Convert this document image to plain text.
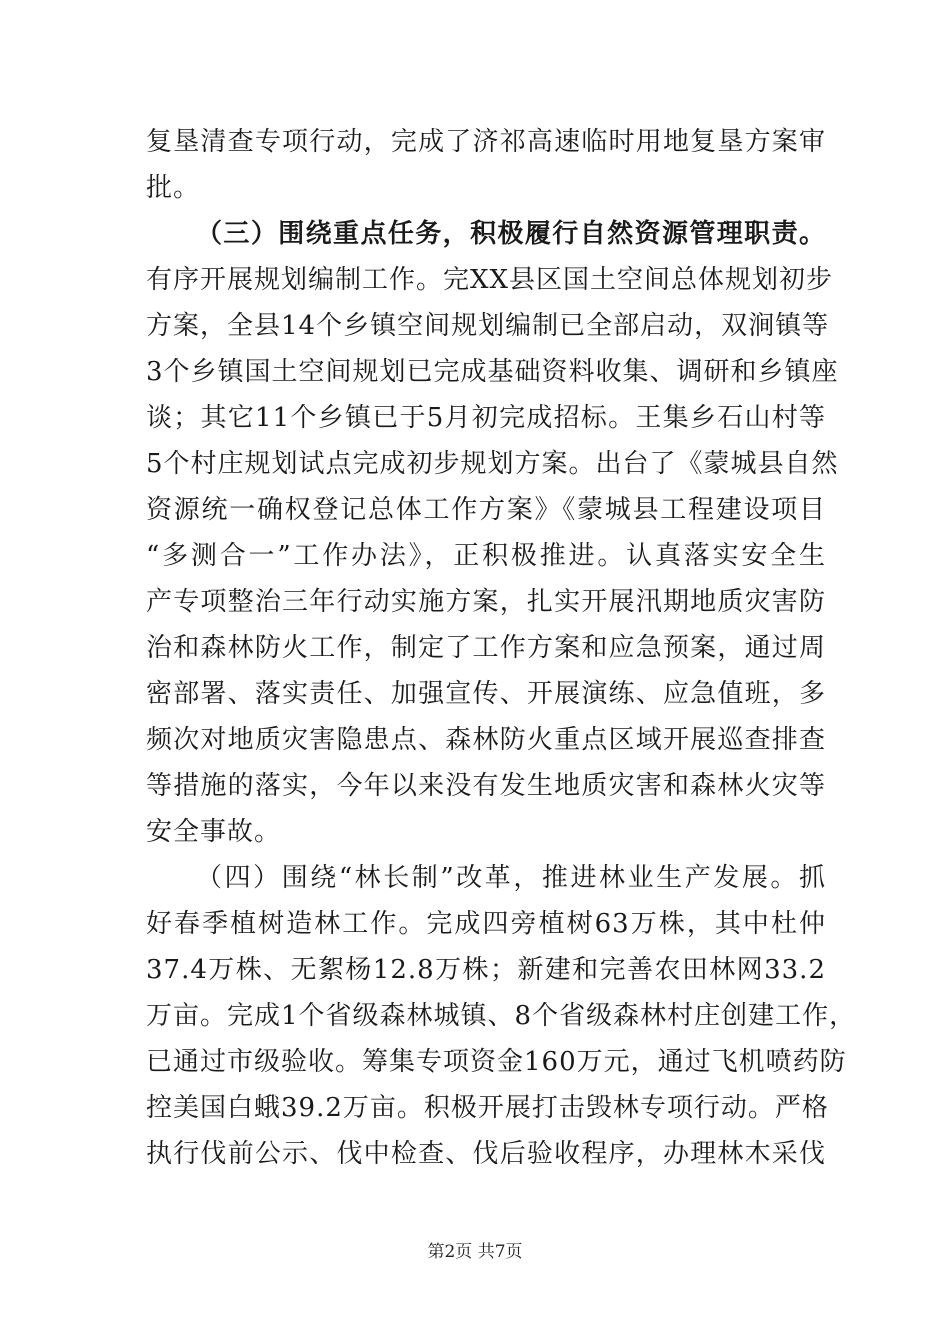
复垦清查专项行动，完成了济祁高速临时用地复垦方案审
批。
（三）围绕重点任务，积极履行自然资源管理职责。
有序开展规划编制工作。完XX县区国土空间总体规划初步
方案，全县14个乡镇空间规划编制已全部启动，双涧镇等
3个乡镇国土空间规划已完成基础资料收集、调研和乡镇座
谈；其它11个乡镇已于5月初完成招标。王集乡石山村等
5个村庄规划试点完成初步规划方案。出台了《蒙城县自然
资源统一确权登记总体工作方案》《蒙城县工程建设项目
“多测合一”工作办法》，正积极推进。认真落实安全生
产专项整治三年行动实施方案，扎实开展汛期地质灾害防
治和森林防火工作，制定了工作方案和应急预案，通过周
密部署、落实责任、加强宣传、开展演练、应急值班，多
频次对地质灾害隐患点、森林防火重点区域开展巡查排查
等措施的落实，今年以来没有发生地质灾害和森林火灾等
安全事故。
（四）围绕“林长制”改革，推进林业生产发展。抓
好春季植树造林工作。完成四旁植树63万株，其中杜仲
37.4万株、无絮杨12.8万株；新建和完善农田林网33.2
万亩。完成1个省级森林城镇、8个省级森林村庄创建工作，
已通过市级验收。筹集专项资金160万元，通过飞机喷药防
控美国白蛾39.2万亩。积极开展打击毁林专项行动。严格
执行伐前公示、伐中检查、伐后验收程序，办理林木采伐
第2页 共7页
